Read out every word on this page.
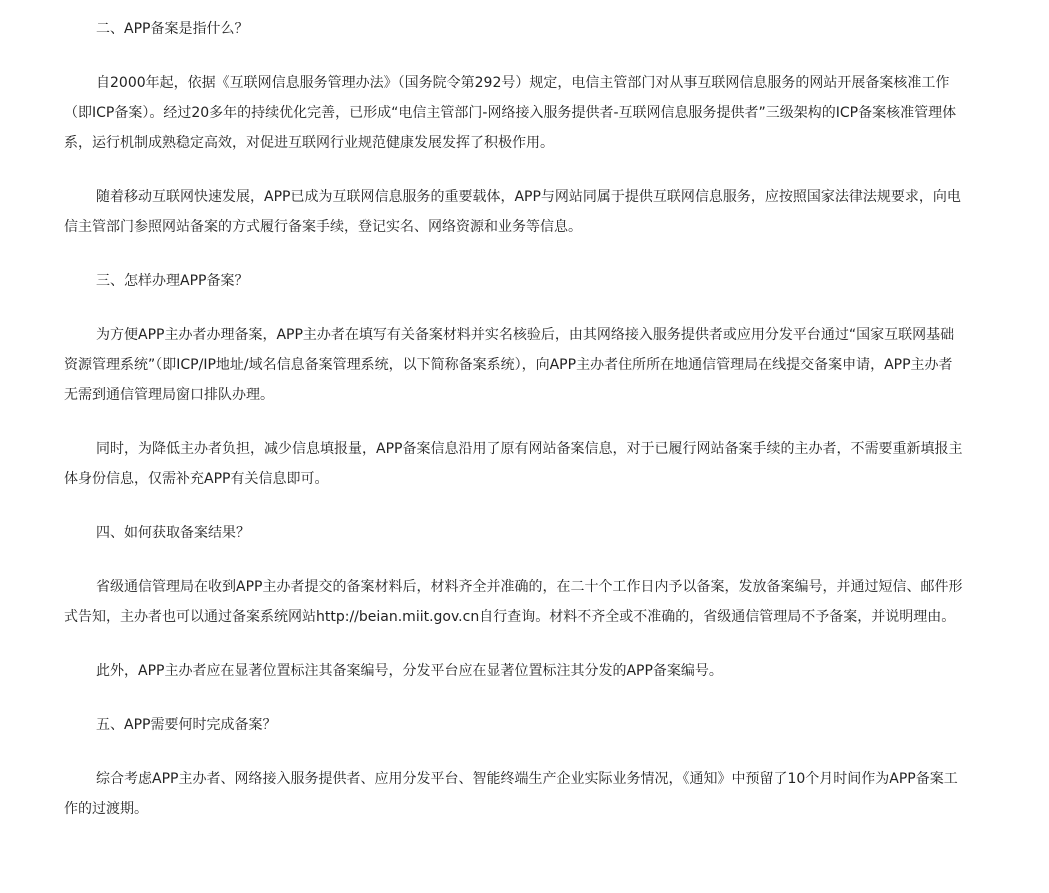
二、APP备案是指什么？

自2000年起，依据《互联网信息服务管理办法》（国务院令第292号）规定，电信主管部门对从事互联网信息服务的网站开展备案核准工作（即ICP备案）。经过20多年的持续优化完善，已形成“电信主管部门-网络接入服务提供者-互联网信息服务提供者”三级架构的ICP备案核准管理体系，运行机制成熟稳定高效，对促进互联网行业规范健康发展发挥了积极作用。

随着移动互联网快速发展，APP已成为互联网信息服务的重要载体，APP与网站同属于提供互联网信息服务，应按照国家法律法规要求，向电信主管部门参照网站备案的方式履行备案手续，登记实名、网络资源和业务等信息。

三、怎样办理APP备案？

为方便APP主办者办理备案，APP主办者在填写有关备案材料并实名核验后，由其网络接入服务提供者或应用分发平台通过“国家互联网基础资源管理系统”（即ICP/IP地址/域名信息备案管理系统，以下简称备案系统），向APP主办者住所所在地通信管理局在线提交备案申请，APP主办者无需到通信管理局窗口排队办理。

同时，为降低主办者负担，减少信息填报量，APP备案信息沿用了原有网站备案信息，对于已履行网站备案手续的主办者，不需要重新填报主体身份信息，仅需补充APP有关信息即可。

四、如何获取备案结果？

省级通信管理局在收到APP主办者提交的备案材料后，材料齐全并准确的，在二十个工作日内予以备案，发放备案编号，并通过短信、邮件形式告知，主办者也可以通过备案系统网站http://beian.miit.gov.cn自行查询。材料不齐全或不准确的，省级通信管理局不予备案，并说明理由。

此外，APP主办者应在显著位置标注其备案编号，分发平台应在显著位置标注其分发的APP备案编号。

五、APP需要何时完成备案？

综合考虑APP主办者、网络接入服务提供者、应用分发平台、智能终端生产企业实际业务情况，《通知》中预留了10个月时间作为APP备案工作的过渡期。
